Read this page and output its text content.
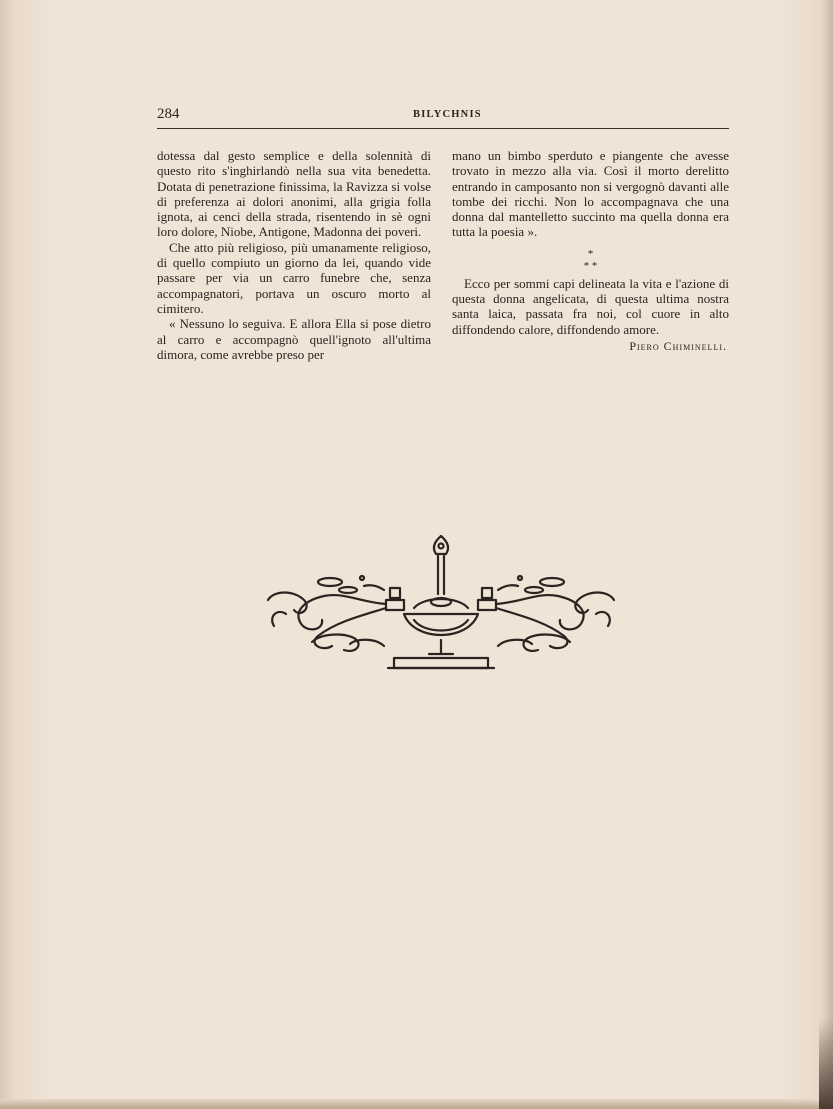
284	BILYCHNIS

dotessa dal gesto semplice e della solennità di questo rito s'inghirlandò nella sua vita benedetta. Dotata di penetrazione finissima, la Ravizza si volse di preferenza ai dolori anonimi, alla grigia folla ignota, ai cenci della strada, risentendo in sè ogni loro dolore, Niobe, Antigone, Madonna dei poveri.

Che atto più religioso, più umanamente religioso, di quello compiuto un giorno da lei, quando vide passare per via un carro funebre che, senza accompagnatori, portava un oscuro morto al cimitero.

« Nessuno lo seguiva. E allora Ella si pose dietro al carro e accompagnò quell'ignoto all'ultima dimora, come avrebbe preso per

mano un bimbo sperduto e piangente che avesse trovato in mezzo alla via. Così il morto derelitto entrando in camposanto non si vergognò davanti alle tombe dei ricchi. Non lo accompagnava che una donna dal mantelletto succinto ma quella donna era tutta la poesia ».

*
* *

Ecco per sommi capi delineata la vita e l'azione di questa donna angelicata, di questa ultima nostra santa laica, passata fra noi, col cuore in alto diffondendo calore, diffondendo amore.

Piero Chiminelli.
